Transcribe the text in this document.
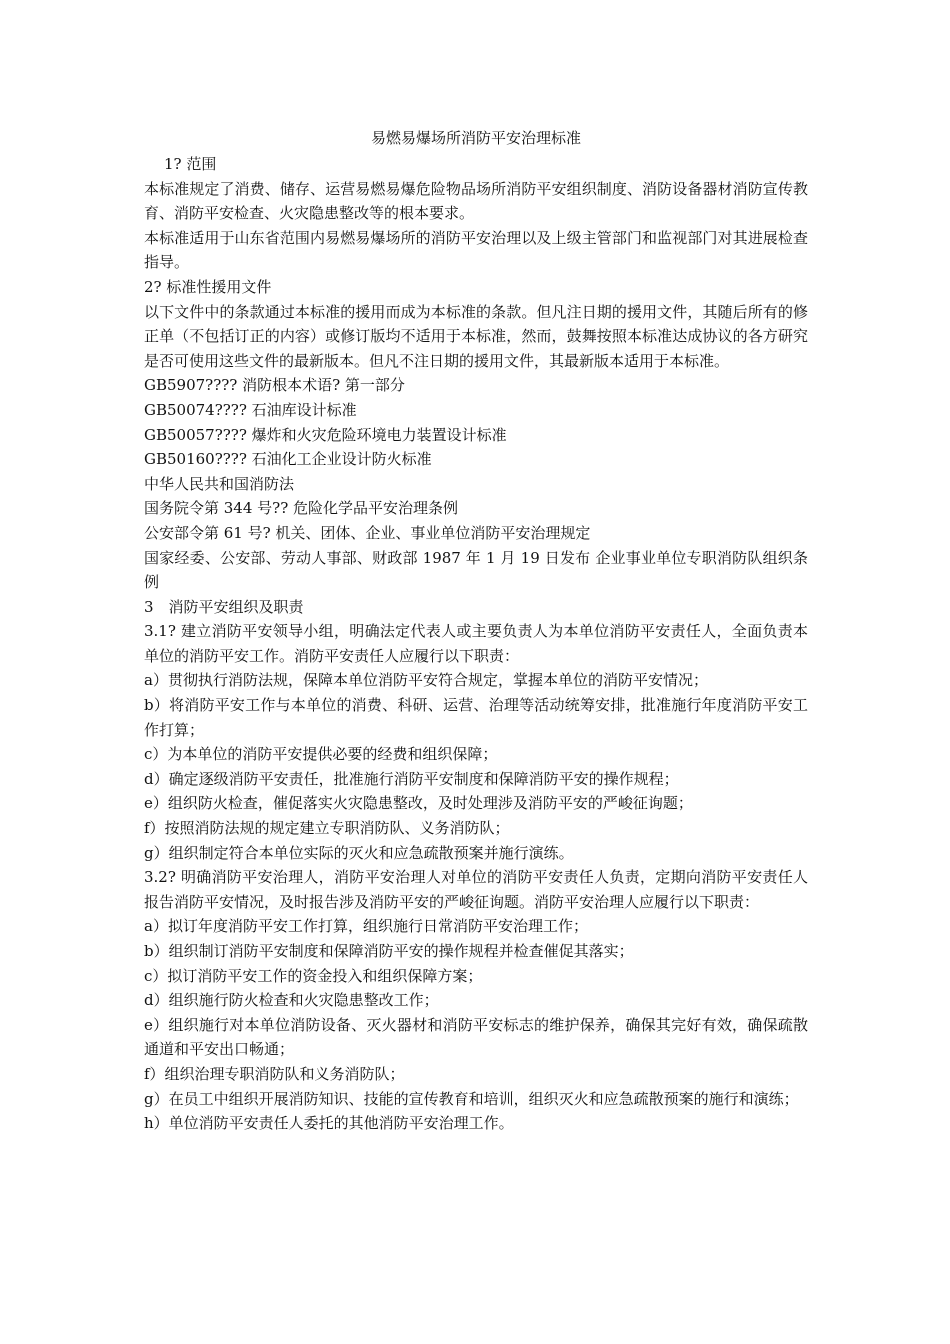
易燃易爆场所消防平安治理标准
1? 范围
本标准规定了消费、储存、运营易燃易爆危险物品场所消防平安组织制度、消防设备器材消防宣传教育、消防平安检查、火灾隐患整改等的根本要求。
本标准适用于山东省范围内易燃易爆场所的消防平安治理以及上级主管部门和监视部门对其进展检查指导。
2? 标准性援用文件
以下文件中的条款通过本标准的援用而成为本标准的条款。但凡注日期的援用文件，其随后所有的修正单（不包括订正的内容）或修订版均不适用于本标准，然而，鼓舞按照本标准达成协议的各方研究是否可使用这些文件的最新版本。但凡不注日期的援用文件，其最新版本适用于本标准。
GB5907???? 消防根本术语? 第一部分
GB50074???? 石油库设计标准
GB50057???? 爆炸和火灾危险环境电力装置设计标准
GB50160???? 石油化工企业设计防火标准
中华人民共和国消防法
国务院令第 344 号?? 危险化学品平安治理条例
公安部令第 61 号? 机关、团体、企业、事业单位消防平安治理规定
国家经委、公安部、劳动人事部、财政部 1987 年 1 月 19 日发布 企业事业单位专职消防队组织条例
3　消防平安组织及职责
3.1? 建立消防平安领导小组，明确法定代表人或主要负责人为本单位消防平安责任人，全面负责本单位的消防平安工作。消防平安责任人应履行以下职责：
a）贯彻执行消防法规，保障本单位消防平安符合规定，掌握本单位的消防平安情况；
b）将消防平安工作与本单位的消费、科研、运营、治理等活动统筹安排，批准施行年度消防平安工作打算；
c）为本单位的消防平安提供必要的经费和组织保障；
d）确定逐级消防平安责任，批准施行消防平安制度和保障消防平安的操作规程；
e）组织防火检查，催促落实火灾隐患整改，及时处理涉及消防平安的严峻征询题；
f）按照消防法规的规定建立专职消防队、义务消防队；
g）组织制定符合本单位实际的灭火和应急疏散预案并施行演练。
3.2? 明确消防平安治理人，消防平安治理人对单位的消防平安责任人负责，定期向消防平安责任人报告消防平安情况，及时报告涉及消防平安的严峻征询题。消防平安治理人应履行以下职责：
a）拟订年度消防平安工作打算，组织施行日常消防平安治理工作；
b）组织制订消防平安制度和保障消防平安的操作规程并检查催促其落实；
c）拟订消防平安工作的资金投入和组织保障方案；
d）组织施行防火检查和火灾隐患整改工作；
e）组织施行对本单位消防设备、灭火器材和消防平安标志的维护保养，确保其完好有效，确保疏散通道和平安出口畅通；
f）组织治理专职消防队和义务消防队；
g）在员工中组织开展消防知识、技能的宣传教育和培训，组织灭火和应急疏散预案的施行和演练；
h）单位消防平安责任人委托的其他消防平安治理工作。
